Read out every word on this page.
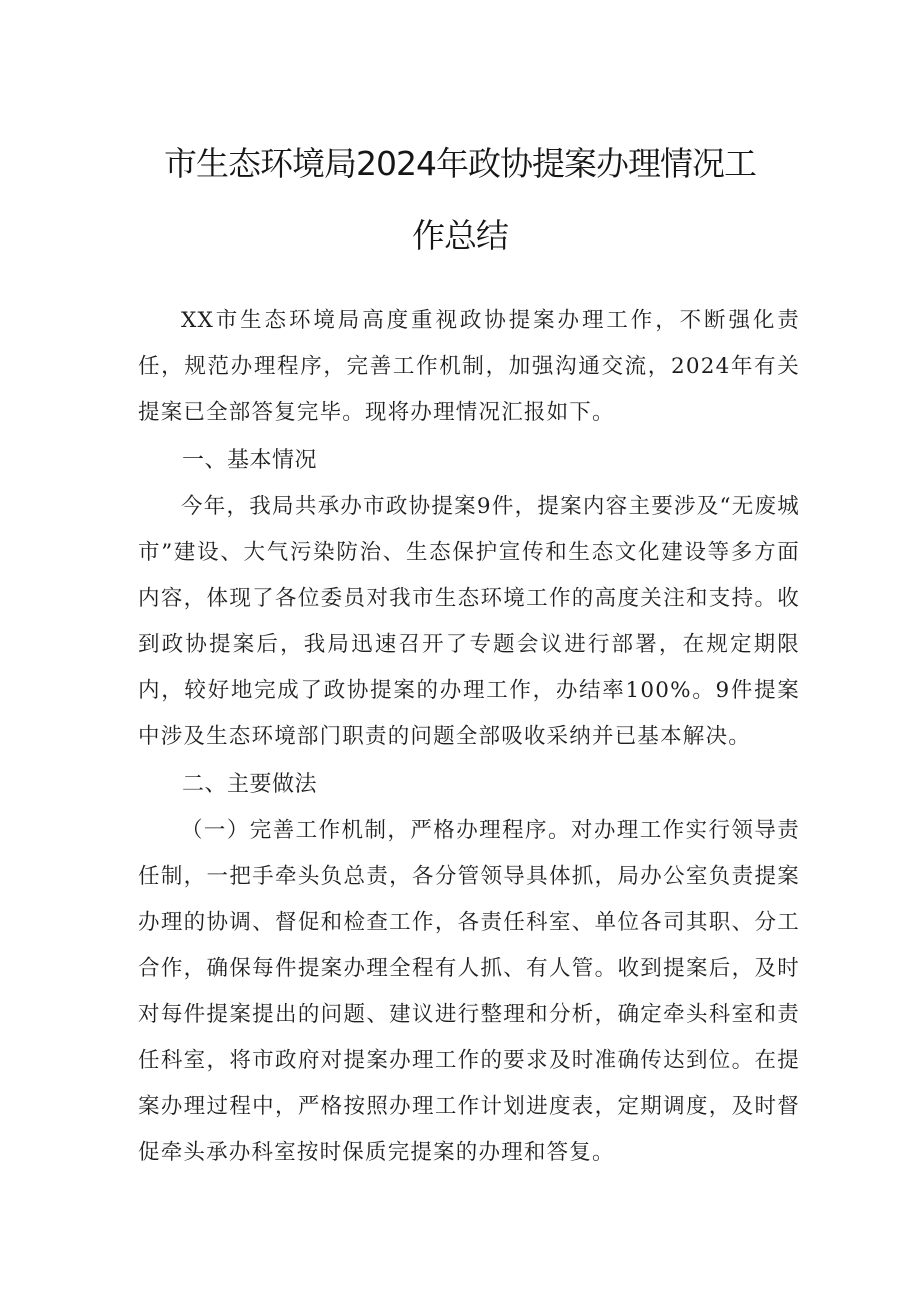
市生态环境局2024年政协提案办理情况工
作总结

XX市生态环境局高度重视政协提案办理工作，不断强化责任，规范办理程序，完善工作机制，加强沟通交流，2024年有关提案已全部答复完毕。现将办理情况汇报如下。

一、基本情况

今年，我局共承办市政协提案9件，提案内容主要涉及“无废城市”建设、大气污染防治、生态保护宣传和生态文化建设等多方面内容，体现了各位委员对我市生态环境工作的高度关注和支持。收到政协提案后，我局迅速召开了专题会议进行部署，在规定期限内，较好地完成了政协提案的办理工作，办结率100%。9件提案中涉及生态环境部门职责的问题全部吸收采纳并已基本解决。

二、主要做法

（一）完善工作机制，严格办理程序。对办理工作实行领导责任制，一把手牵头负总责，各分管领导具体抓，局办公室负责提案办理的协调、督促和检查工作，各责任科室、单位各司其职、分工合作，确保每件提案办理全程有人抓、有人管。收到提案后，及时对每件提案提出的问题、建议进行整理和分析，确定牵头科室和责任科室，将市政府对提案办理工作的要求及时准确传达到位。在提案办理过程中，严格按照办理工作计划进度表，定期调度，及时督促牵头承办科室按时保质完提案的办理和答复。
